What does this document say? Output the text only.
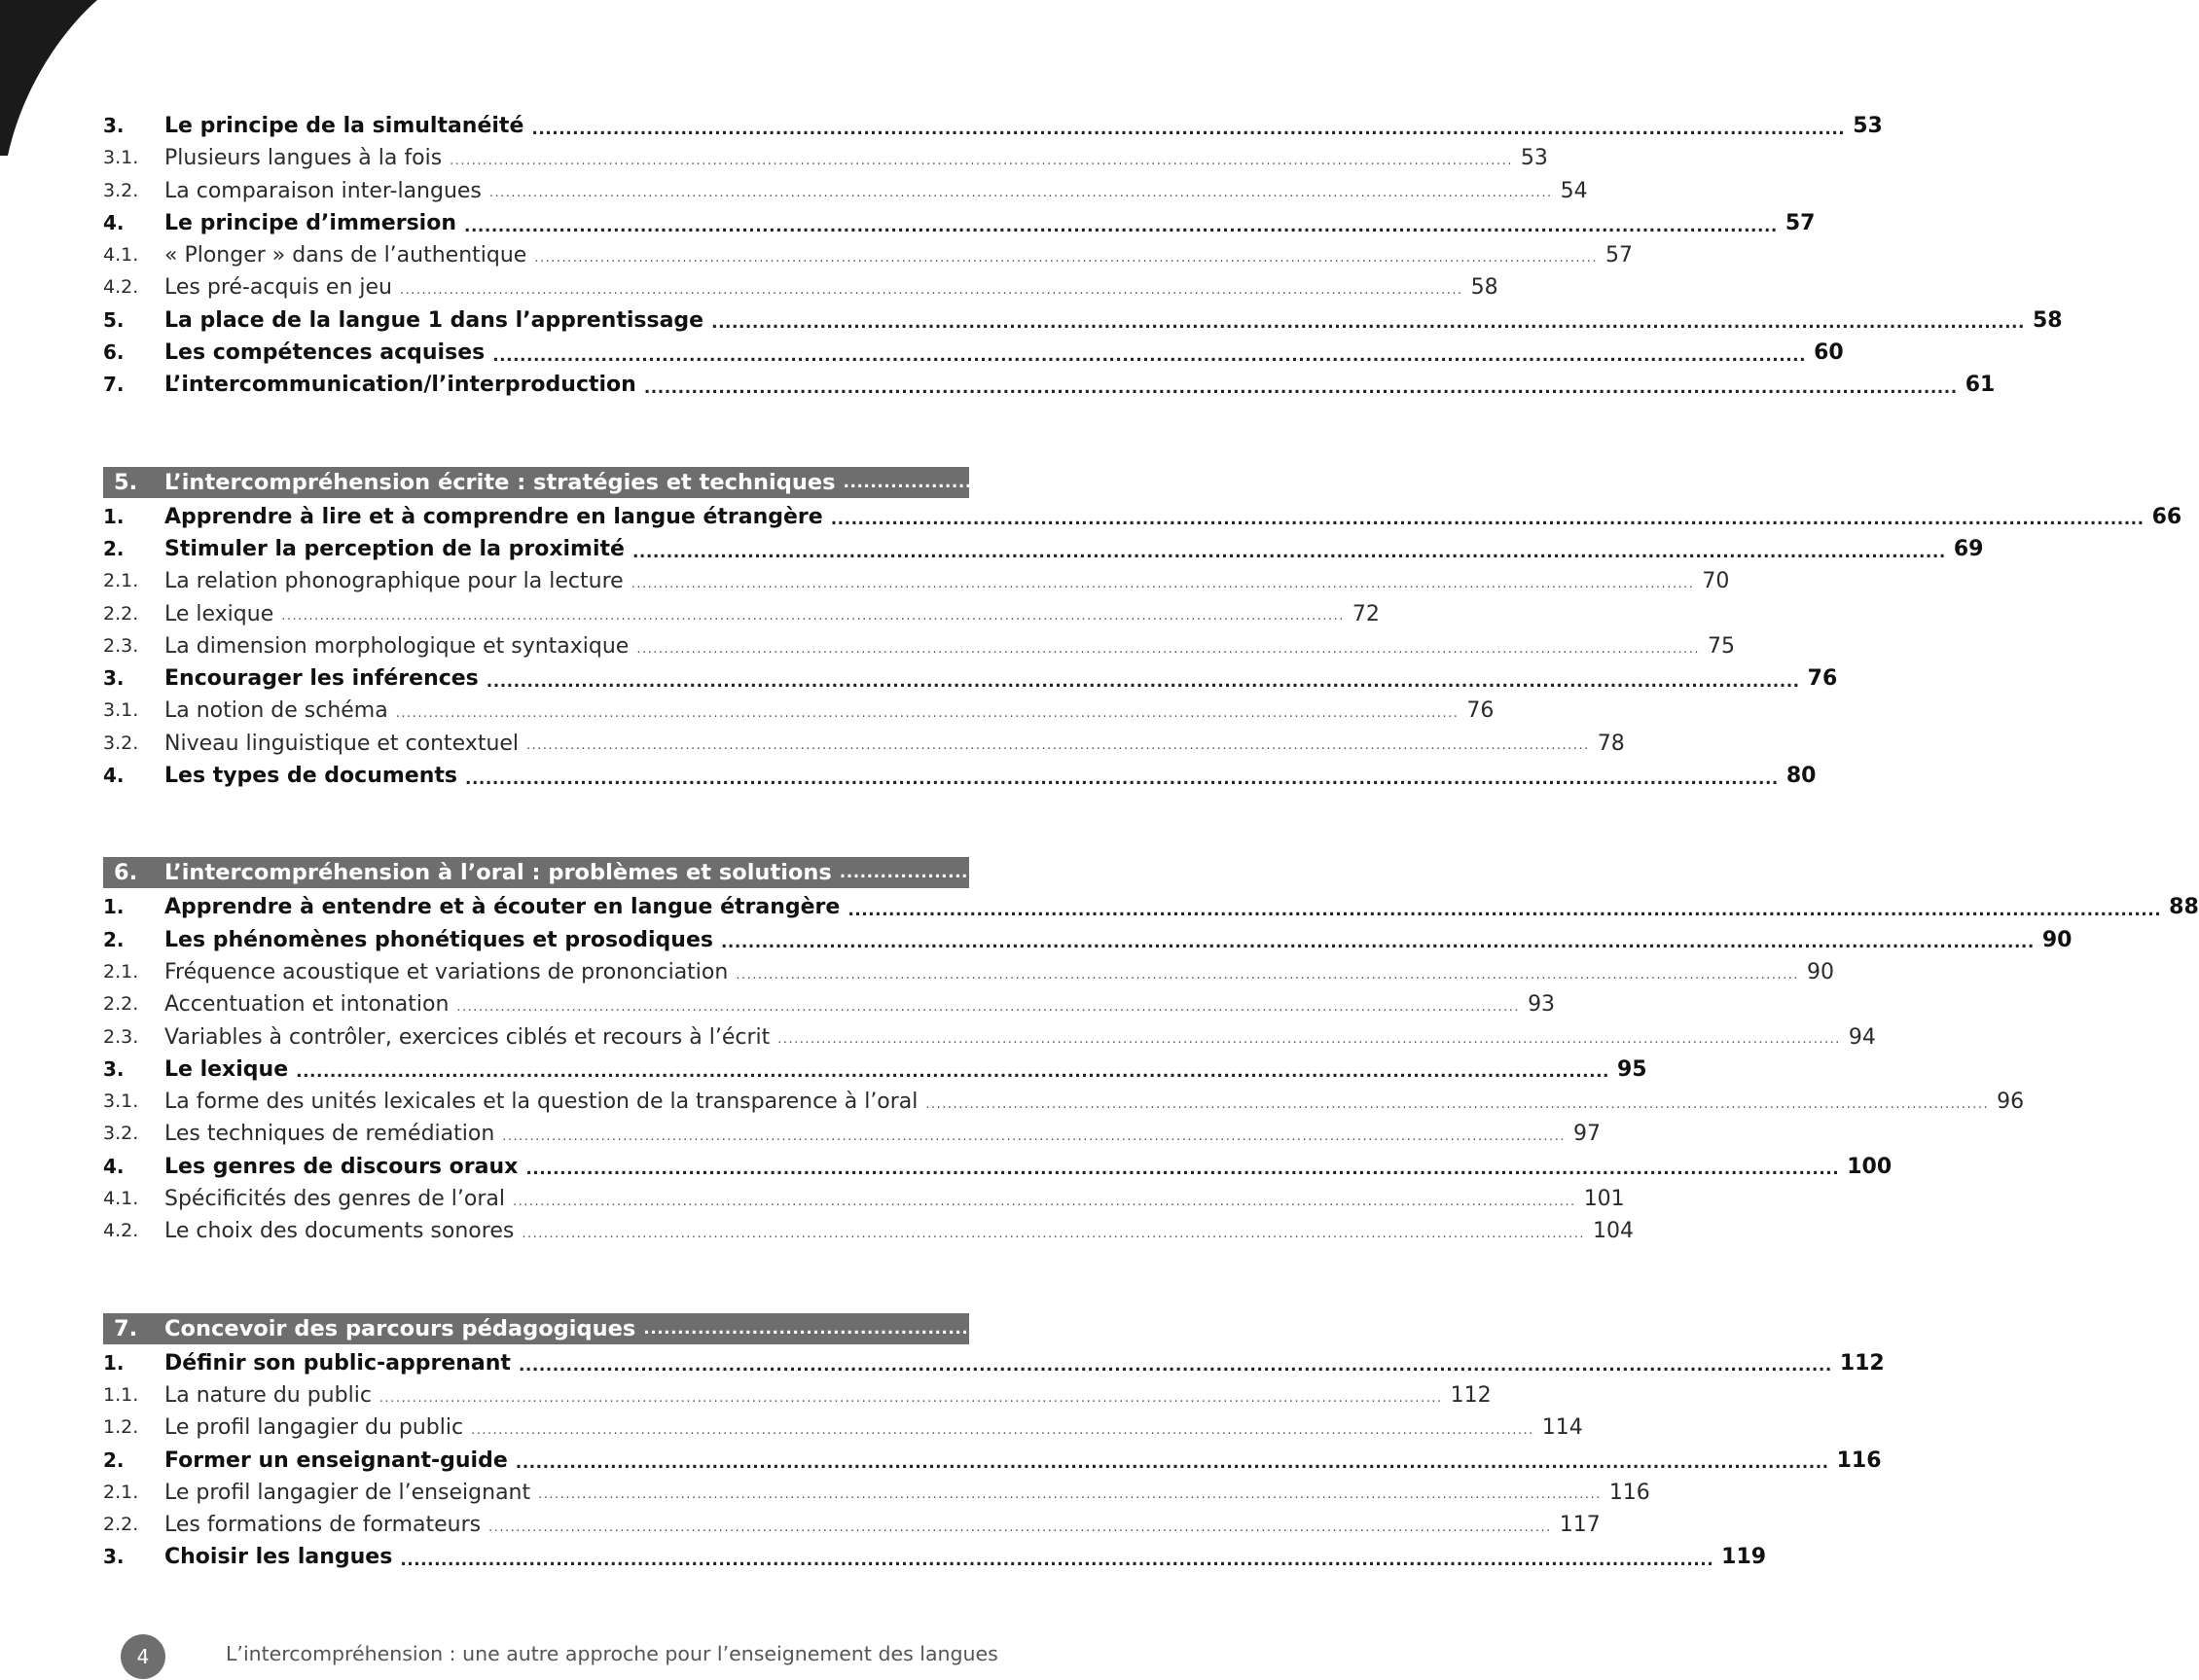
3.	Le principe de la simultanéité .................................................................................................................................................................................................. 53
3.1.	Plusieurs langues à la fois .................................................................................................................................................................................................. 53
3.2.	La comparaison inter-langues .................................................................................................................................................................................................. 54
4.	Le principe d’immersion .................................................................................................................................................................................................. 57
4.1.	« Plonger » dans de l’authentique .................................................................................................................................................................................................. 57
4.2.	Les pré-acquis en jeu .................................................................................................................................................................................................. 58
5.	La place de la langue 1 dans l’apprentissage .................................................................................................................................................................................................. 58
6.	Les compétences acquises .................................................................................................................................................................................................. 60
7.	L’intercommunication/l’interproduction .................................................................................................................................................................................................. 61
5.	L’intercompréhension écrite : stratégies et techniques .................................................................................................................................................................................................. 65
1.	Apprendre à lire et à comprendre en langue étrangère .................................................................................................................................................................................................. 66
2.	Stimuler la perception de la proximité .................................................................................................................................................................................................. 69
2.1.	La relation phonographique pour la lecture .................................................................................................................................................................................................. 70
2.2.	Le lexique .................................................................................................................................................................................................. 72
2.3.	La dimension morphologique et syntaxique .................................................................................................................................................................................................. 75
3.	Encourager les inférences .................................................................................................................................................................................................. 76
3.1.	La notion de schéma .................................................................................................................................................................................................. 76
3.2.	Niveau linguistique et contextuel .................................................................................................................................................................................................. 78
4.	Les types de documents .................................................................................................................................................................................................. 80
6.	L’intercompréhension à l’oral : problèmes et solutions .................................................................................................................................................................................................. 87
1.	Apprendre à entendre et à écouter en langue étrangère .................................................................................................................................................................................................. 88
2.	Les phénomènes phonétiques et prosodiques .................................................................................................................................................................................................. 90
2.1.	Fréquence acoustique et variations de prononciation .................................................................................................................................................................................................. 90
2.2.	Accentuation et intonation .................................................................................................................................................................................................. 93
2.3.	Variables à contrôler, exercices ciblés et recours à l’écrit .................................................................................................................................................................................................. 94
3.	Le lexique .................................................................................................................................................................................................. 95
3.1.	La forme des unités lexicales et la question de la transparence à l’oral .................................................................................................................................................................................................. 96
3.2.	Les techniques de remédiation .................................................................................................................................................................................................. 97
4.	Les genres de discours oraux .................................................................................................................................................................................................. 100
4.1.	Spécificités des genres de l’oral .................................................................................................................................................................................................. 101
4.2.	Le choix des documents sonores .................................................................................................................................................................................................. 104
7.	Concevoir des parcours pédagogiques .................................................................................................................................................................................................. 109
1.	Définir son public-apprenant .................................................................................................................................................................................................. 112
1.1.	La nature du public .................................................................................................................................................................................................. 112
1.2.	Le profil langagier du public .................................................................................................................................................................................................. 114
2.	Former un enseignant-guide .................................................................................................................................................................................................. 116
2.1.	Le profil langagier de l’enseignant .................................................................................................................................................................................................. 116
2.2.	Les formations de formateurs .................................................................................................................................................................................................. 117
3.	Choisir les langues .................................................................................................................................................................................................. 119
4	L’intercompréhension : une autre approche pour l’enseignement des langues
